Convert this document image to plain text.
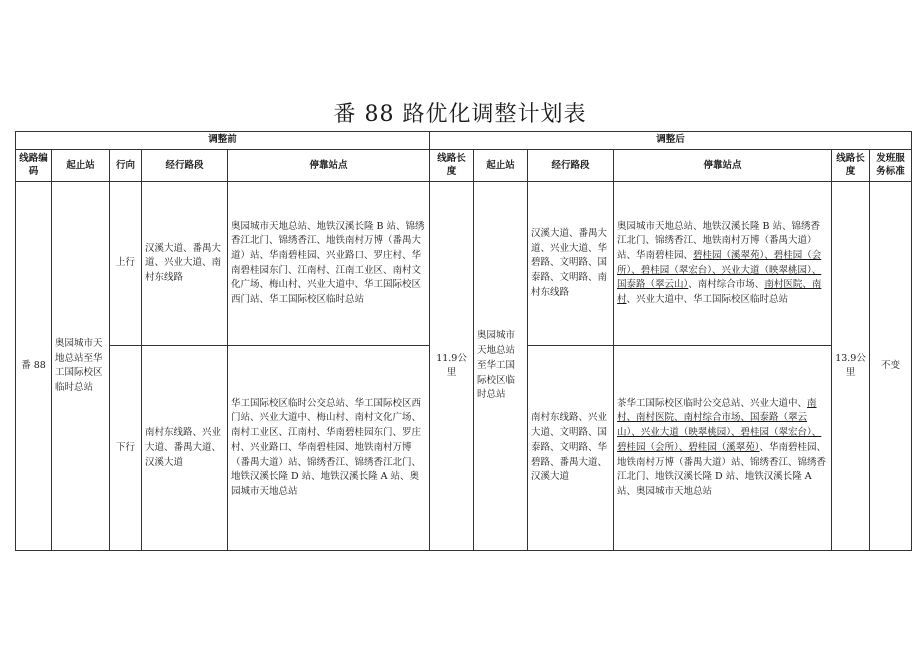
番 88 路优化调整计划表
调整前					调整后					
线路编码	起止站	行向	经行路段	停靠站点	线路长度	起止站	经行路段	停靠站点	线路长度	发班服务标准
番 88	奥园城市天地总站至华工国际校区临时总站	上行	汉溪大道、番禺大道、兴业大道、南村东线路	奥园城市天地总站、地铁汉溪长隆 B 站、锦绣香江北门、锦绣香江、地铁南村万博（番禺大道）站、华南碧桂园、兴业路口、罗庄村、华南碧桂园东门、江南村、江南工业区、南村文化广场、梅山村、兴业大道中、华工国际校区西门站、华工国际校区临时总站	11.9公里	奥园城市天地总站至华工国际校区临时总站	汉溪大道、番禺大道、兴业大道、华碧路、文明路、国泰路、文明路、南村东线路	奥园城市天地总站、地铁汉溪长隆 B 站、锦绣香江北门、锦绣香江、地铁南村万博（番禺大道）站、华南碧桂园、碧桂园（溪翠苑）、碧桂园（会所）、碧桂园（翠宏台）、兴业大道（映翠桃园）、国泰路（翠云山）、南村综合市场、南村医院、南村、兴业大道中、华工国际校区临时总站	13.9公里	不变
		下行	南村东线路、兴业大道、番禺大道、汉溪大道	华工国际校区临时公交总站、华工国际校区西门站、兴业大道中、梅山村、南村文化广场、南村工业区、江南村、华南碧桂园东门、罗庄村、兴业路口、华南碧桂园、地铁南村万博（番禺大道）站、锦绣香江、锦绣香江北门、地铁汉溪长隆 D 站、地铁汉溪长隆 A 站、奥园城市天地总站			南村东线路、兴业大道、文明路、国泰路、文明路、华碧路、番禺大道、汉溪大道	茶华工国际校区临时公交总站、兴业大道中、南村、南村医院、南村综合市场、国泰路（翠云山）、兴业大道（映翠桃园）、碧桂园（翠宏台）、碧桂园（会所）、碧桂园（溪翠苑）、华南碧桂园、地铁南村万博（番禺大道）站、锦绣香江、锦绣香江北门、地铁汉溪长隆 D 站、地铁汉溪长隆 A 站、奥园城市天地总站		
